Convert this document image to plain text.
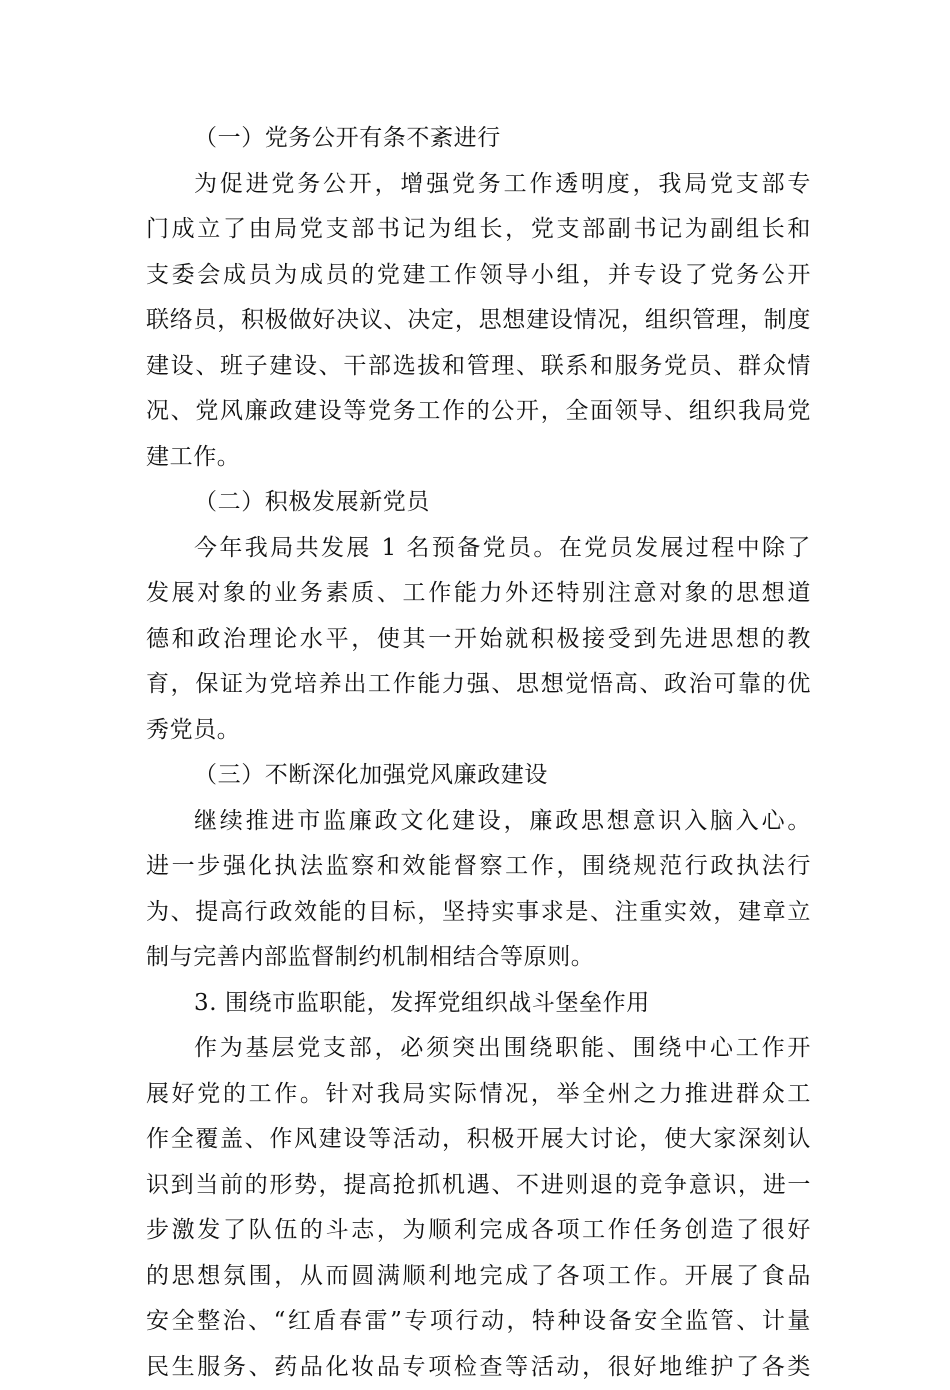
（一）党务公开有条不紊进行

为促进党务公开，增强党务工作透明度，我局党支部专

门成立了由局党支部书记为组长，党支部副书记为副组长和

支委会成员为成员的党建工作领导小组，并专设了党务公开

联络员，积极做好决议、决定，思想建设情况，组织管理，制度

建设、班子建设、干部选拔和管理、联系和服务党员、群众情

况、党风廉政建设等党务工作的公开，全面领导、组织我局党

建工作。

（二）积极发展新党员

今年我局共发展 1 名预备党员。在党员发展过程中除了

发展对象的业务素质、工作能力外还特别注意对象的思想道

德和政治理论水平，使其一开始就积极接受到先进思想的教

育，保证为党培养出工作能力强、思想觉悟高、政治可靠的优

秀党员。

（三）不断深化加强党风廉政建设

继续推进市监廉政文化建设，廉政思想意识入脑入心。

进一步强化执法监察和效能督察工作，围绕规范行政执法行

为、提高行政效能的目标，坚持实事求是、注重实效，建章立

制与完善内部监督制约机制相结合等原则。

3. 围绕市监职能，发挥党组织战斗堡垒作用

作为基层党支部，必须突出围绕职能、围绕中心工作开

展好党的工作。针对我局实际情况，举全州之力推进群众工

作全覆盖、作风建设等活动，积极开展大讨论，使大家深刻认

识到当前的形势，提高抢抓机遇、不进则退的竞争意识，进一

步激发了队伍的斗志，为顺利完成各项工作任务创造了很好

的思想氛围，从而圆满顺利地完成了各项工作。开展了食品

安全整治、“红盾春雷”专项行动，特种设备安全监管、计量

民生服务、药品化妆品专项检查等活动，很好地维护了各类
